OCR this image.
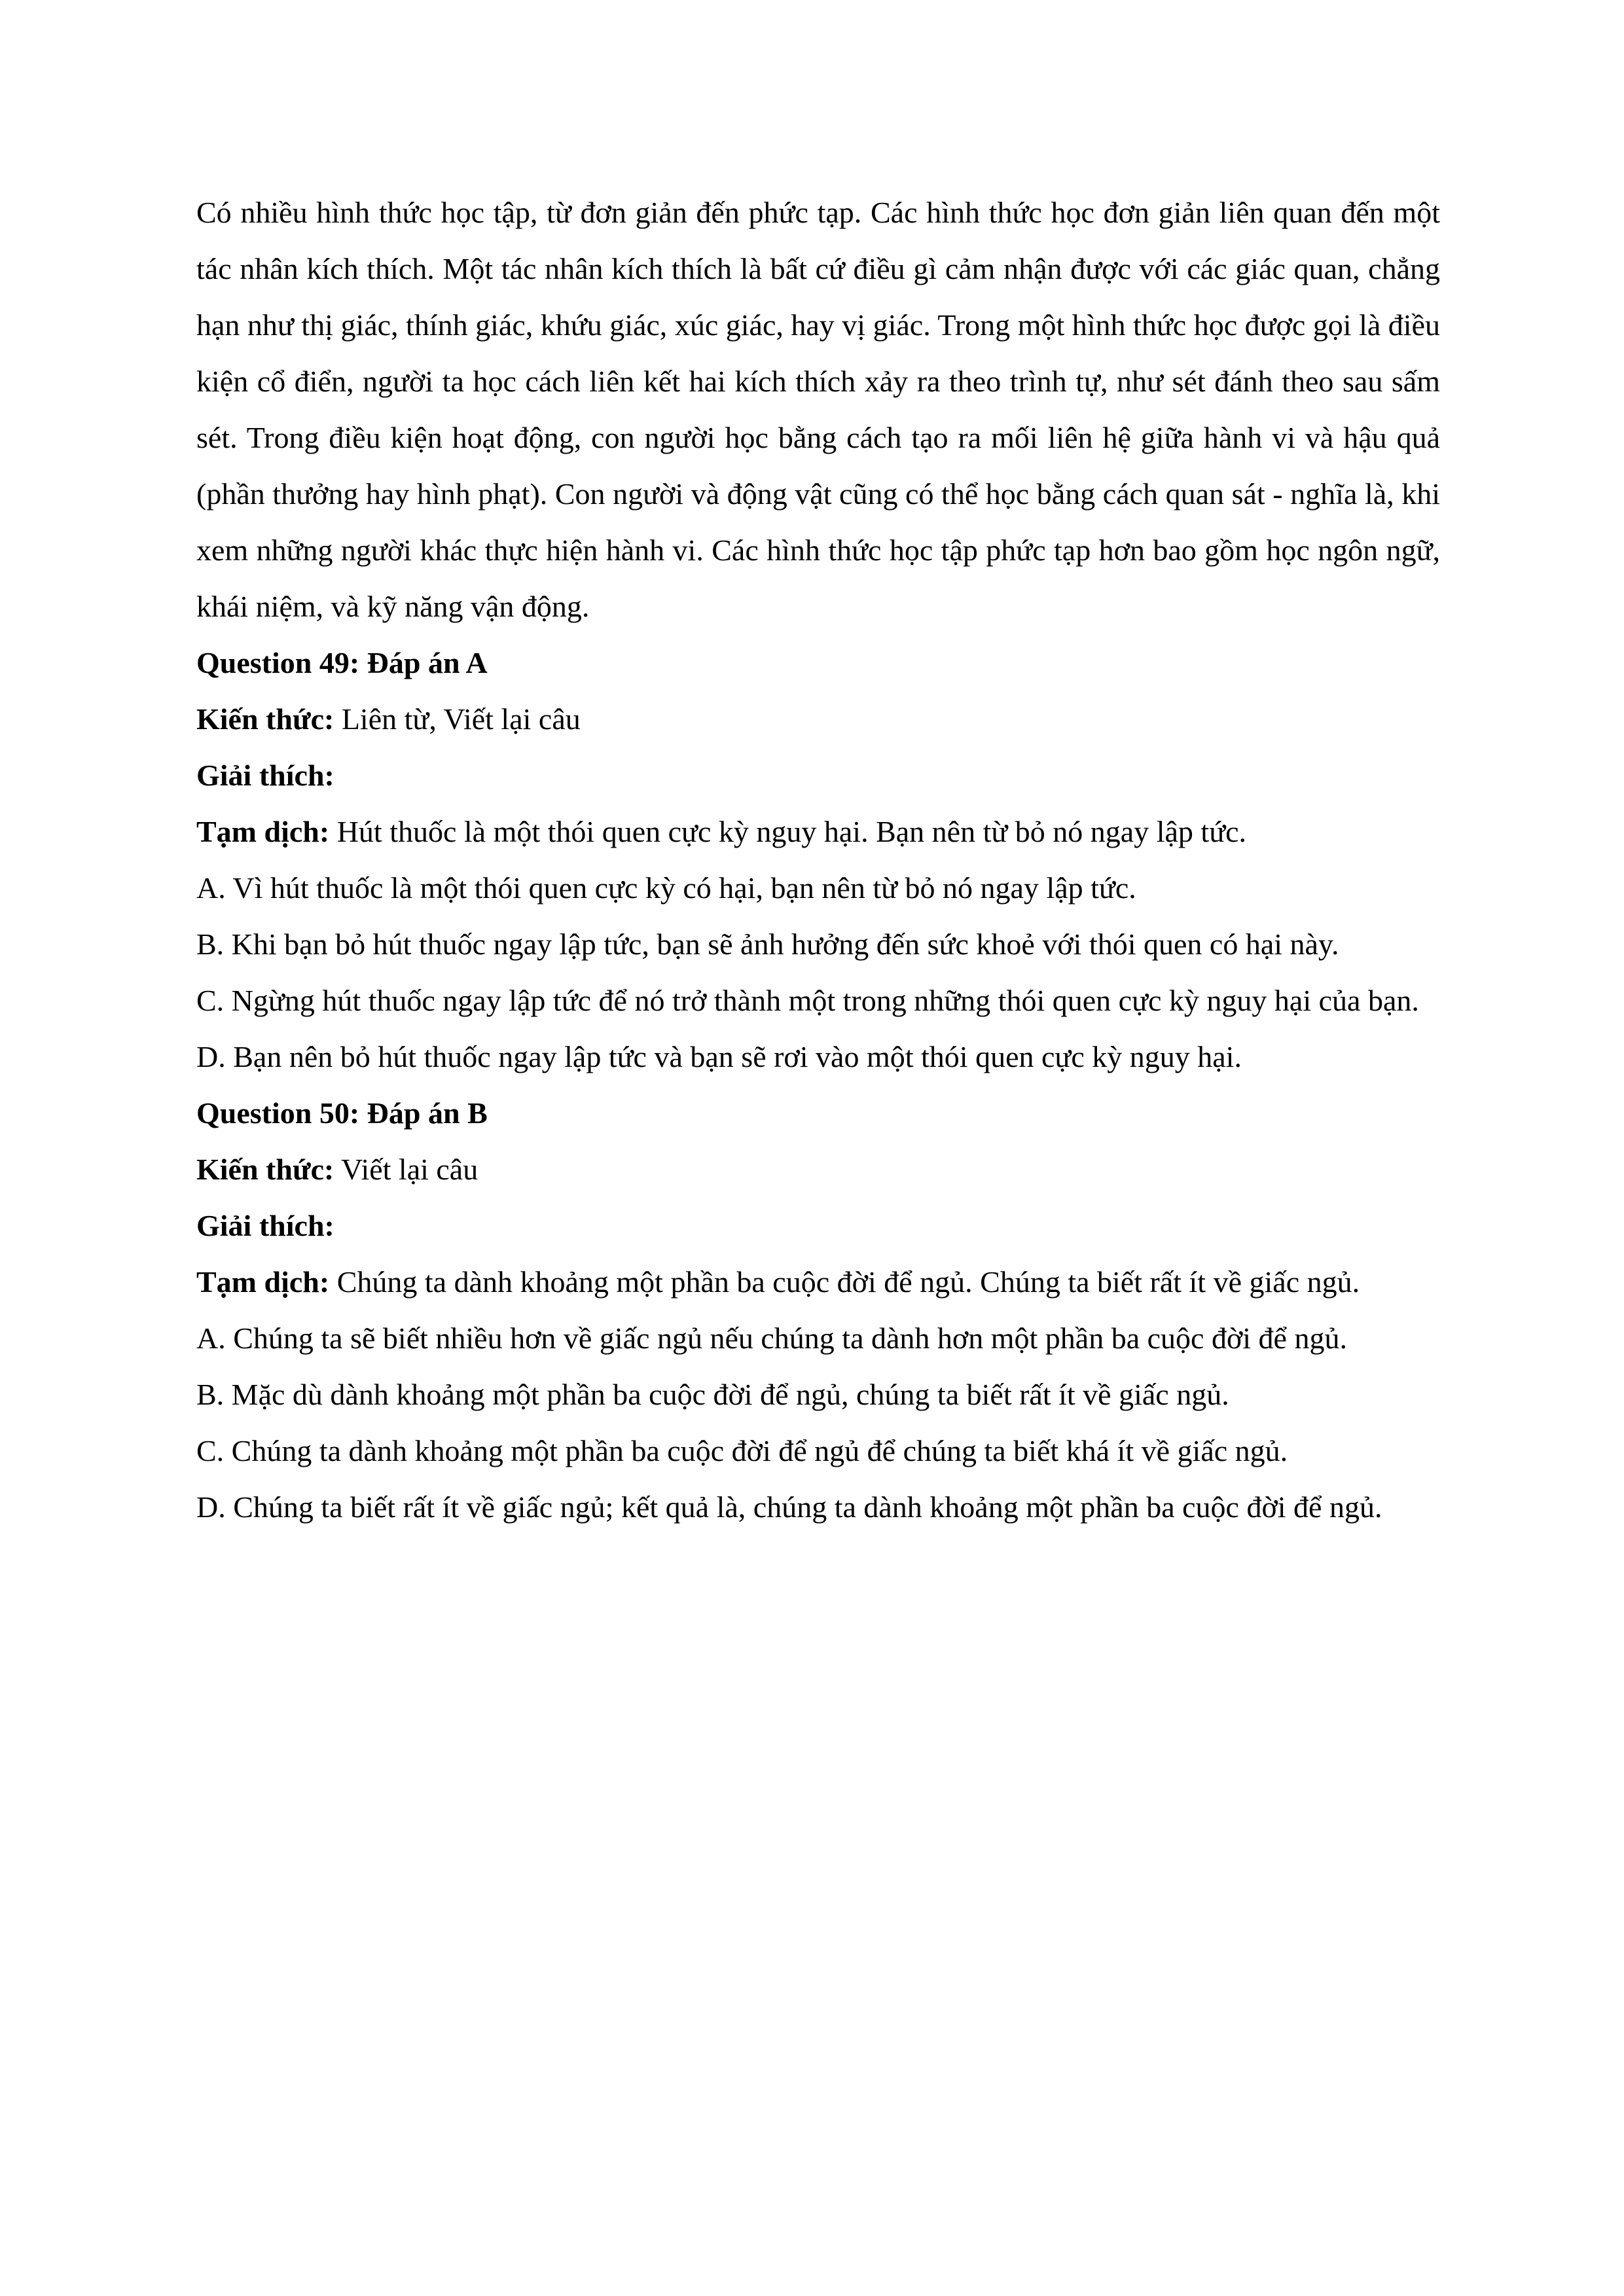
Có nhiều hình thức học tập, từ đơn giản đến phức tạp. Các hình thức học đơn giản liên quan đến một tác nhân kích thích. Một tác nhân kích thích là bất cứ điều gì cảm nhận được với các giác quan, chẳng hạn như thị giác, thính giác, khứu giác, xúc giác, hay vị giác. Trong một hình thức học được gọi là điều kiện cổ điển, người ta học cách liên kết hai kích thích xảy ra theo trình tự, như sét đánh theo sau sấm sét. Trong điều kiện hoạt động, con người học bằng cách tạo ra mối liên hệ giữa hành vi và hậu quả (phần thưởng hay hình phạt). Con người và động vật cũng có thể học bằng cách quan sát - nghĩa là, khi xem những người khác thực hiện hành vi. Các hình thức học tập phức tạp hơn bao gồm học ngôn ngữ, khái niệm, và kỹ năng vận động.

Question 49: Đáp án A

Kiến thức: Liên từ, Viết lại câu

Giải thích:

Tạm dịch: Hút thuốc là một thói quen cực kỳ nguy hại. Bạn nên từ bỏ nó ngay lập tức.

A. Vì hút thuốc là một thói quen cực kỳ có hại, bạn nên từ bỏ nó ngay lập tức.

B. Khi bạn bỏ hút thuốc ngay lập tức, bạn sẽ ảnh hưởng đến sức khoẻ với thói quen có hại này.

C. Ngừng hút thuốc ngay lập tức để nó trở thành một trong những thói quen cực kỳ nguy hại của bạn.

D. Bạn nên bỏ hút thuốc ngay lập tức và bạn sẽ rơi vào một thói quen cực kỳ nguy hại.

Question 50: Đáp án B

Kiến thức: Viết lại câu

Giải thích:

Tạm dịch: Chúng ta dành khoảng một phần ba cuộc đời để ngủ. Chúng ta biết rất ít về giấc ngủ.

A. Chúng ta sẽ biết nhiều hơn về giấc ngủ nếu chúng ta dành hơn một phần ba cuộc đời để ngủ.

B. Mặc dù dành khoảng một phần ba cuộc đời để ngủ, chúng ta biết rất ít về giấc ngủ.

C. Chúng ta dành khoảng một phần ba cuộc đời để ngủ để chúng ta biết khá ít về giấc ngủ.

D. Chúng ta biết rất ít về giấc ngủ; kết quả là, chúng ta dành khoảng một phần ba cuộc đời để ngủ.
